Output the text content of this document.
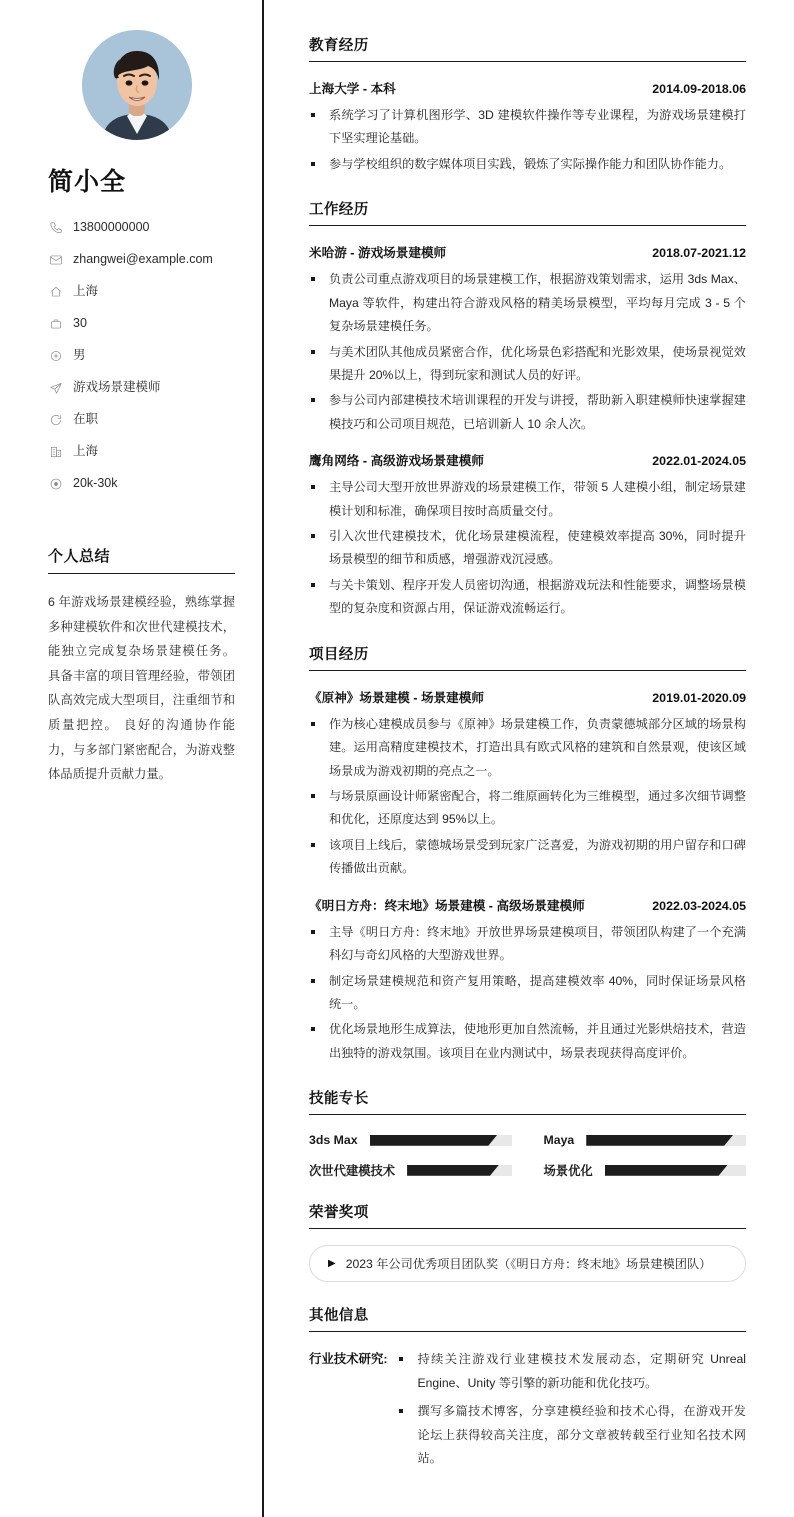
简小全
13800000000
zhangwei@example.com
上海
30
男
游戏场景建模师
在职
上海
20k-30k
个人总结

6 年游戏场景建模经验，熟练掌握多种建模软件和次世代建模技术，能独立完成复杂场景建模任务。 具备丰富的项目管理经验，带领团队高效完成大型项目，注重细节和质量把控。 良好的沟通协作能力，与多部门紧密配合，为游戏整体品质提升贡献力量。

教育经历
上海大学 - 本科	2014.09-2018.06
系统学习了计算机图形学、3D 建模软件操作等专业课程，为游戏场景建模打下坚实理论基础。
参与学校组织的数字媒体项目实践，锻炼了实际操作能力和团队协作能力。
工作经历
米哈游 - 游戏场景建模师	2018.07-2021.12
负责公司重点游戏项目的场景建模工作，根据游戏策划需求，运用 3ds Max、Maya 等软件，构建出符合游戏风格的精美场景模型，平均每月完成 3 - 5 个复杂场景建模任务。
与美术团队其他成员紧密合作，优化场景色彩搭配和光影效果，使场景视觉效果提升 20%以上，得到玩家和测试人员的好评。
参与公司内部建模技术培训课程的开发与讲授，帮助新入职建模师快速掌握建模技巧和公司项目规范，已培训新人 10 余人次。
鹰角网络 - 高级游戏场景建模师	2022.01-2024.05
主导公司大型开放世界游戏的场景建模工作，带领 5 人建模小组，制定场景建模计划和标准，确保项目按时高质量交付。
引入次世代建模技术，优化场景建模流程，使建模效率提高 30%，同时提升场景模型的细节和质感，增强游戏沉浸感。
与关卡策划、程序开发人员密切沟通，根据游戏玩法和性能要求，调整场景模型的复杂度和资源占用，保证游戏流畅运行。
项目经历
《原神》场景建模 - 场景建模师	2019.01-2020.09
作为核心建模成员参与《原神》场景建模工作，负责蒙德城部分区域的场景构建。运用高精度建模技术，打造出具有欧式风格的建筑和自然景观，使该区域场景成为游戏初期的亮点之一。
与场景原画设计师紧密配合，将二维原画转化为三维模型，通过多次细节调整和优化，还原度达到 95%以上。
该项目上线后，蒙德城场景受到玩家广泛喜爱，为游戏初期的用户留存和口碑传播做出贡献。
《明日方舟：终末地》场景建模 - 高级场景建模师	2022.03-2024.05
主导《明日方舟：终末地》开放世界场景建模项目，带领团队构建了一个充满科幻与奇幻风格的大型游戏世界。
制定场景建模规范和资产复用策略，提高建模效率 40%，同时保证场景风格统一。
优化场景地形生成算法，使地形更加自然流畅，并且通过光影烘焙技术，营造出独特的游戏氛围。该项目在业内测试中，场景表现获得高度评价。
技能专长
3ds Max	Maya
次世代建模技术	场景优化
荣誉奖项
▶ 2023 年公司优秀项目团队奖（《明日方舟：终末地》场景建模团队）
其他信息
行业技术研究:	持续关注游戏行业建模技术发展动态，定期研究 Unreal Engine、Unity 等引擎的新功能和优化技巧。
撰写多篇技术博客，分享建模经验和技术心得，在游戏开发论坛上获得较高关注度，部分文章被转载至行业知名技术网站。
